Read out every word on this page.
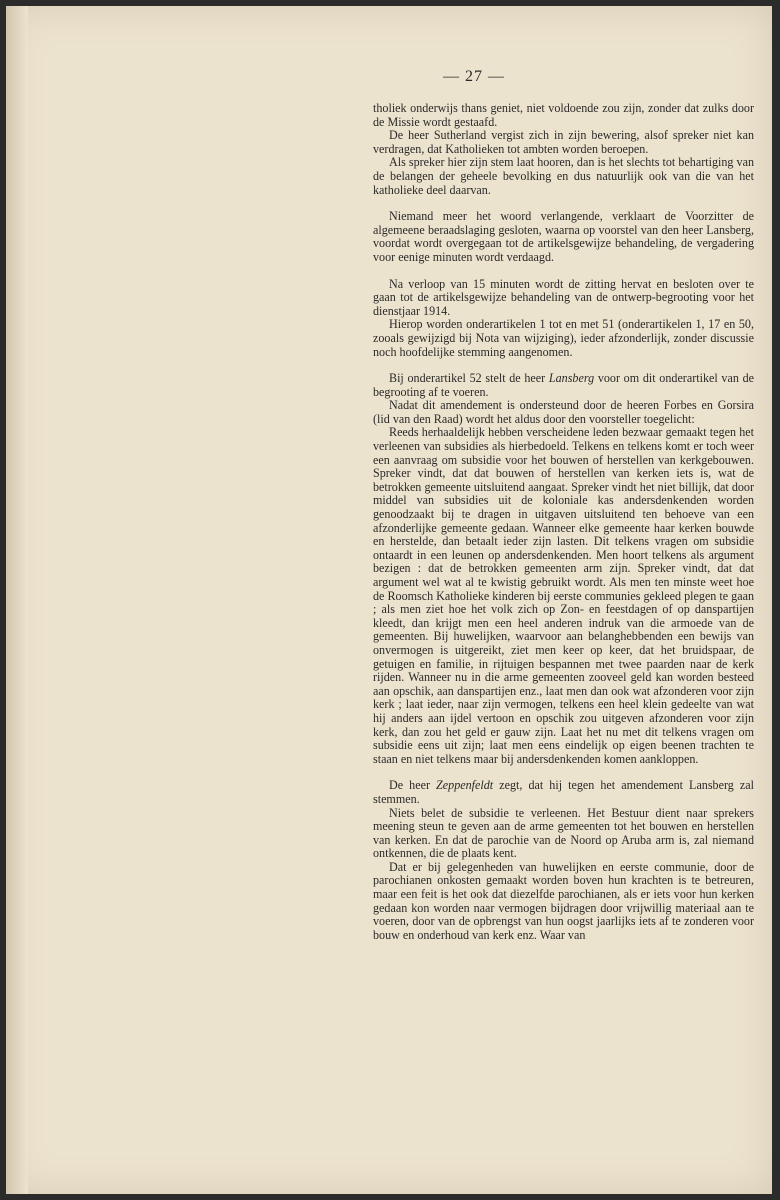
— 27 —

tholiek onderwijs thans geniet, niet voldoende zou zijn, zonder dat zulks door de Missie wordt gestaafd.

De heer Sutherland vergist zich in zijn bewering, alsof spreker niet kan verdragen, dat Katholieken tot ambten worden beroepen.

Als spreker hier zijn stem laat hooren, dan is het slechts tot behartiging van de belangen der geheele bevolking en dus natuurlijk ook van die van het katholieke deel daarvan.

Niemand meer het woord verlangende, verklaart de Voorzitter de algemeene beraadslaging gesloten, waarna op voorstel van den heer Lansberg, voordat wordt overgegaan tot de artikelsgewijze behandeling, de vergadering voor eenige minuten wordt verdaagd.

Na verloop van 15 minuten wordt de zitting hervat en besloten over te gaan tot de artikelsgewijze behandeling van de ontwerp-begrooting voor het dienstjaar 1914.

Hierop worden onderartikelen 1 tot en met 51 (onderartikelen 1, 17 en 50, zooals gewijzigd bij Nota van wijziging), ieder afzonderlijk, zonder discussie noch hoofdelijke stemming aangenomen.

Bij onderartikel 52 stelt de heer Lansberg voor om dit onderartikel van de begrooting af te voeren.

Nadat dit amendement is ondersteund door de heeren Forbes en Gorsira (lid van den Raad) wordt het aldus door den voorsteller toegelicht:

Reeds herhaaldelijk hebben verscheidene leden bezwaar gemaakt tegen het verleenen van subsidies als hierbedoeld. Telkens en telkens komt er toch weer een aanvraag om subsidie voor het bouwen of herstellen van kerkgebouwen. Spreker vindt, dat dat bouwen of herstellen van kerken iets is, wat de betrokken gemeente uitsluitend aangaat. Spreker vindt het niet billijk, dat door middel van subsidies uit de koloniale kas andersdenkenden worden genoodzaakt bij te dragen in uitgaven uitsluitend ten behoeve van een afzonderlijke gemeente gedaan. Wanneer elke gemeente haar kerken bouwde en herstelde, dan betaalt ieder zijn lasten. Dit telkens vragen om subsidie ontaardt in een leunen op andersdenkenden. Men hoort telkens als argument bezigen : dat de betrokken gemeenten arm zijn. Spreker vindt, dat dat argument wel wat al te kwistig gebruikt wordt. Als men ten minste weet hoe de Roomsch Katholieke kinderen bij eerste communies gekleed plegen te gaan ; als men ziet hoe het volk zich op Zon- en feestdagen of op danspartijen kleedt, dan krijgt men een heel anderen indruk van die armoede van de gemeenten. Bij huwelijken, waarvoor aan belanghebbenden een bewijs van onvermogen is uitgereikt, ziet men keer op keer, dat het bruidspaar, de getuigen en familie, in rijtuigen bespannen met twee paarden naar de kerk rijden. Wanneer nu in die arme gemeenten zooveel geld kan worden besteed aan opschik, aan danspartijen enz., laat men dan ook wat afzonderen voor zijn kerk ; laat ieder, naar zijn vermogen, telkens een heel klein gedeelte van wat hij anders aan ijdel vertoon en opschik zou uitgeven afzonderen voor zijn kerk, dan zou het geld er gauw zijn. Laat het nu met dit telkens vragen om subsidie eens uit zijn; laat men eens eindelijk op eigen beenen trachten te staan en niet telkens maar bij andersdenkenden komen aankloppen.

De heer Zeppenfeldt zegt, dat hij tegen het amendement Lansberg zal stemmen.

Niets belet de subsidie te verleenen. Het Bestuur dient naar sprekers meening steun te geven aan de arme gemeenten tot het bouwen en herstellen van kerken. En dat de parochie van de Noord op Aruba arm is, zal niemand ontkennen, die de plaats kent.

Dat er bij gelegenheden van huwelijken en eerste communie, door de parochianen onkosten gemaakt worden boven hun krachten is te betreuren, maar een feit is het ook dat diezelfde parochianen, als er iets voor hun kerken gedaan kon worden naar vermogen bijdragen door vrijwillig materiaal aan te voeren, door van de opbrengst van hun oogst jaarlijks iets af te zonderen voor bouw en onderhoud van kerk enz. Waar van
